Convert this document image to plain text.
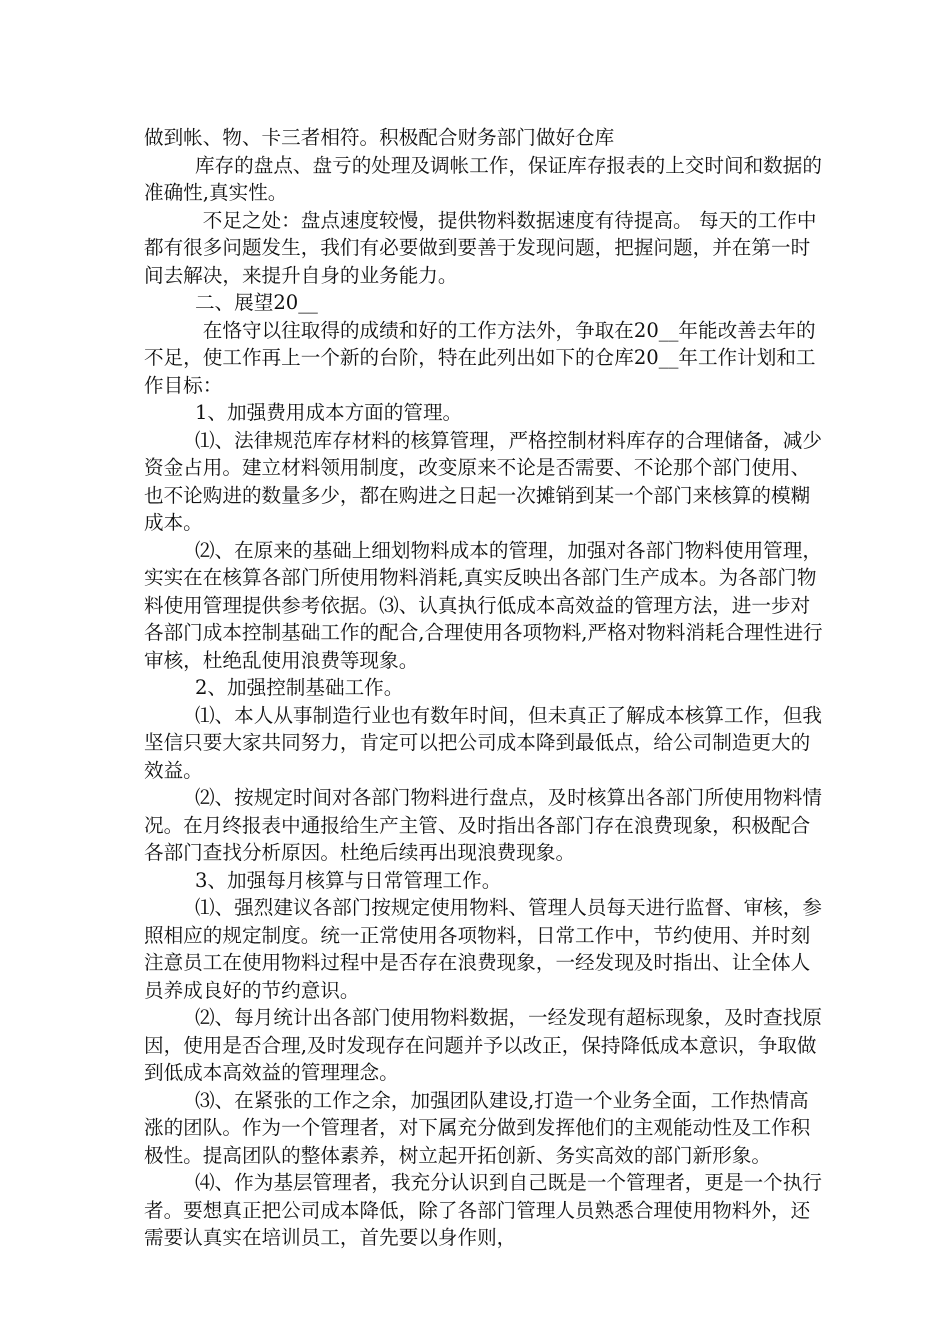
做到帐、物、卡三者相符。积极配合财务部门做好仓库

库存的盘点、盘亏的处理及调帐工作，保证库存报表的上交时间和数据的准确性,真实性。

不足之处：盘点速度较慢，提供物料数据速度有待提高。 每天的工作中都有很多问题发生，我们有必要做到要善于发现问题，把握问题，并在第一时间去解决，来提升自身的业务能力。

二、展望20__

在恪守以往取得的成绩和好的工作方法外，争取在20__年能改善去年的不足，使工作再上一个新的台阶，特在此列出如下的仓库20__年工作计划和工作目标：

1、加强费用成本方面的管理。

⑴、法律规范库存材料的核算管理，严格控制材料库存的合理储备，减少资金占用。建立材料领用制度，改变原来不论是否需要、不论那个部门使用、也不论购进的数量多少，都在购进之日起一次摊销到某一个部门来核算的模糊成本。

⑵、在原来的基础上细划物料成本的管理，加强对各部门物料使用管理，实实在在核算各部门所使用物料消耗,真实反映出各部门生产成本。为各部门物料使用管理提供参考依据。⑶、认真执行低成本高效益的管理方法，进一步对各部门成本控制基础工作的配合,合理使用各项物料,严格对物料消耗合理性进行审核，杜绝乱使用浪费等现象。

2、加强控制基础工作。

⑴、本人从事制造行业也有数年时间，但未真正了解成本核算工作，但我坚信只要大家共同努力，肯定可以把公司成本降到最低点，给公司制造更大的效益。

⑵、按规定时间对各部门物料进行盘点，及时核算出各部门所使用物料情况。在月终报表中通报给生产主管、及时指出各部门存在浪费现象，积极配合各部门查找分析原因。杜绝后续再出现浪费现象。

3、加强每月核算与日常管理工作。

⑴、强烈建议各部门按规定使用物料、管理人员每天进行监督、审核，参照相应的规定制度。统一正常使用各项物料，日常工作中，节约使用、并时刻注意员工在使用物料过程中是否存在浪费现象，一经发现及时指出、让全体人员养成良好的节约意识。

⑵、每月统计出各部门使用物料数据，一经发现有超标现象，及时查找原因，使用是否合理,及时发现存在问题并予以改正，保持降低成本意识，争取做到低成本高效益的管理理念。

⑶、在紧张的工作之余，加强团队建设,打造一个业务全面，工作热情高涨的团队。作为一个管理者，对下属充分做到发挥他们的主观能动性及工作积极性。提高团队的整体素养，树立起开拓创新、务实高效的部门新形象。

⑷、作为基层管理者，我充分认识到自己既是一个管理者，更是一个执行者。要想真正把公司成本降低，除了各部门管理人员熟悉合理使用物料外，还需要认真实在培训员工，首先要以身作则，
